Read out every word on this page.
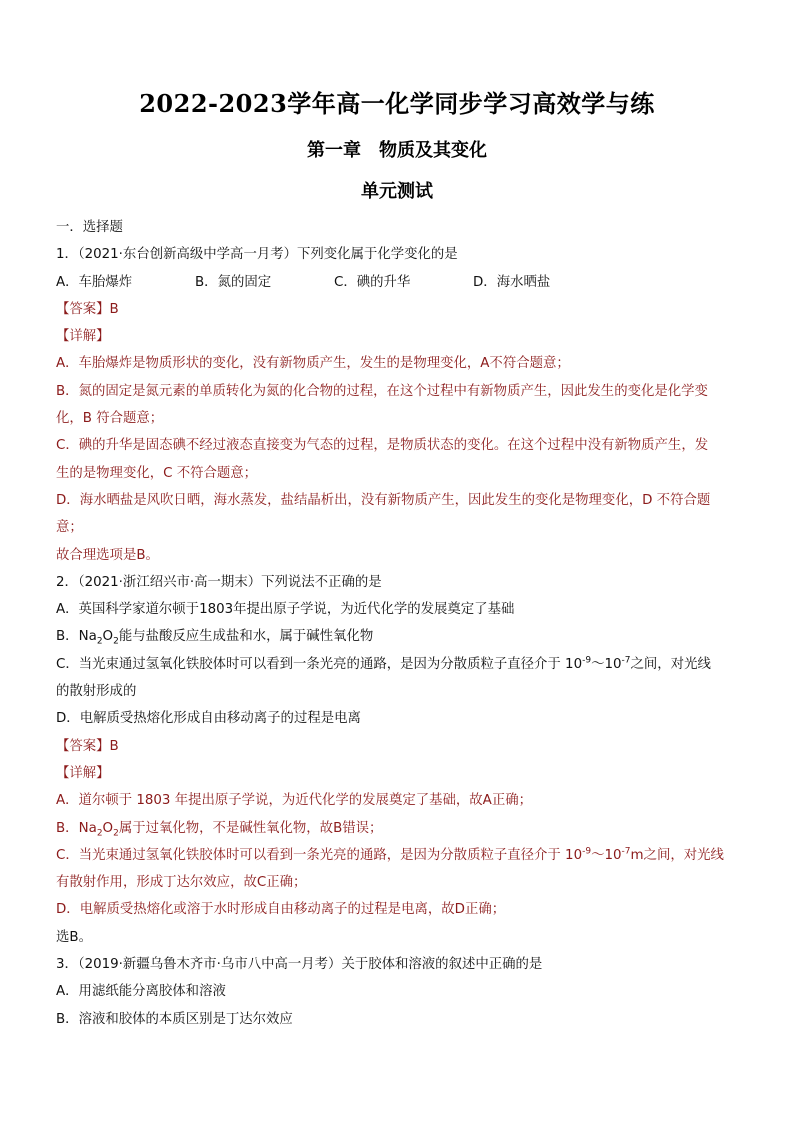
2022-2023学年高一化学同步学习高效学与练
第一章　物质及其变化
单元测试
一．选择题
1．（2021·东台创新高级中学高一月考）下列变化属于化学变化的是
A．车胎爆炸	B．氮的固定	C．碘的升华	D．海水晒盐
【答案】B
【详解】
A．车胎爆炸是物质形状的变化，没有新物质产生，发生的是物理变化，A不符合题意；
B．氮的固定是氮元素的单质转化为氮的化合物的过程，在这个过程中有新物质产生，因此发生的变化是化学变
化，B 符合题意；
C．碘的升华是固态碘不经过液态直接变为气态的过程，是物质状态的变化。在这个过程中没有新物质产生，发
生的是物理变化，C 不符合题意；
D．海水晒盐是风吹日晒，海水蒸发，盐结晶析出，没有新物质产生，因此发生的变化是物理变化，D 不符合题
意；
故合理选项是B。
2．（2021·浙江绍兴市·高一期末）下列说法不正确的是
A．英国科学家道尔顿于1803年提出原子学说，为近代化学的发展奠定了基础
B．$Na_2O_2$能与盐酸反应生成盐和水，属于碱性氧化物
C．当光束通过氢氧化铁胶体时可以看到一条光亮的通路，是因为分散质粒子直径介于 $10^{-9}\sim 10^{-7}$之间，对光线
的散射形成的
D．电解质受热熔化形成自由移动离子的过程是电离
【答案】B
【详解】
A．道尔顿于 1803 年提出原子学说，为近代化学的发展奠定了基础，故A正确；
B．$Na_2O_2$属于过氧化物，不是碱性氧化物，故B错误；
C．当光束通过氢氧化铁胶体时可以看到一条光亮的通路，是因为分散质粒子直径介于 $10^{-9}\sim 10^{-7}m$之间，对光线
有散射作用，形成丁达尔效应，故C正确；
D．电解质受热熔化或溶于水时形成自由移动离子的过程是电离，故D正确；
选B。
3．（2019·新疆乌鲁木齐市·乌市八中高一月考）关于胶体和溶液的叙述中正确的是
A．用滤纸能分离胶体和溶液
B．溶液和胶体的本质区别是丁达尔效应
